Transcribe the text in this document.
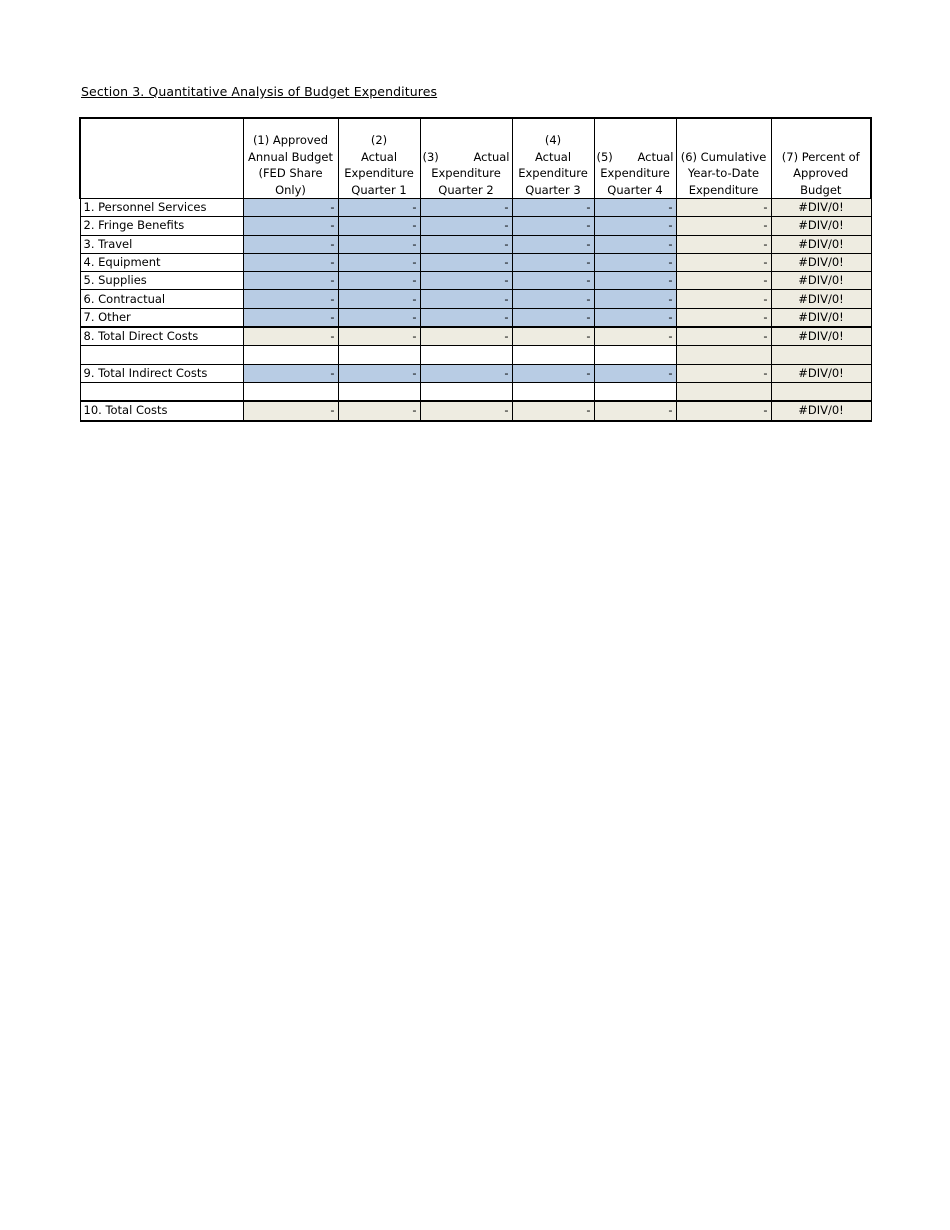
Section 3. Quantitative Analysis of Budget Expenditures

	(1) Approved
Annual Budget
(FED Share
Only)	(2)
Actual
Expenditure
Quarter 1	(3) Actual
Expenditure
Quarter 2	(4)
Actual
Expenditure
Quarter 3	(5) Actual
Expenditure
Quarter 4	(6) Cumulative
Year-to-Date
Expenditure	(7) Percent of
Approved
Budget

1. Personnel Services	-	-	-	-	-	-	#DIV/0!
2. Fringe Benefits	-	-	-	-	-	-	#DIV/0!
3. Travel	-	-	-	-	-	-	#DIV/0!
4. Equipment	-	-	-	-	-	-	#DIV/0!
5. Supplies	-	-	-	-	-	-	#DIV/0!
6. Contractual	-	-	-	-	-	-	#DIV/0!
7. Other	-	-	-	-	-	-	#DIV/0!
8. Total Direct Costs	-	-	-	-	-	-	#DIV/0!

9. Total Indirect Costs	-	-	-	-	-	-	#DIV/0!

10. Total Costs	-	-	-	-	-	-	#DIV/0!
